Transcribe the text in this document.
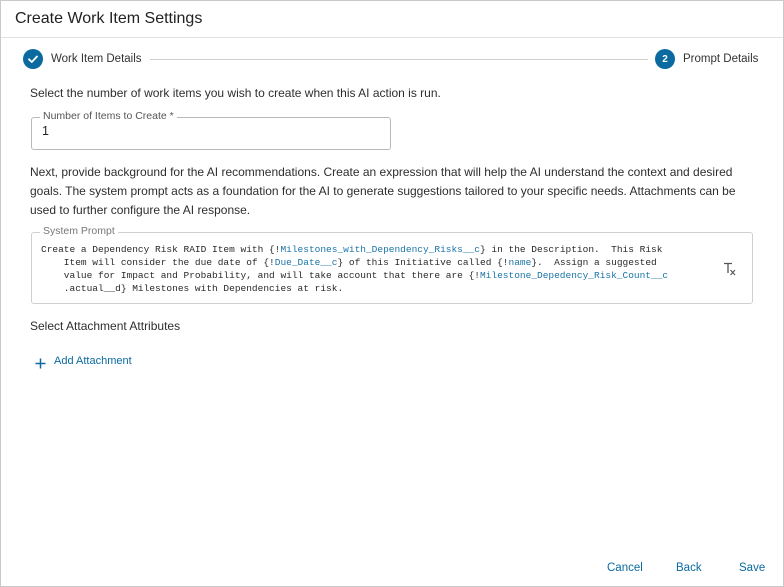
Create Work Item Settings
Work Item Details	2	Prompt Details
Select the number of work items you wish to create when this AI action is run.
Number of Items to Create *
1
Next, provide background for the AI recommendations. Create an expression that will help the AI understand the context and desired goals. The system prompt acts as a foundation for the AI to generate suggestions tailored to your specific needs. Attachments can be used to further configure the AI response.
System Prompt
Create a Dependency Risk RAID Item with {!Milestones_with_Dependency_Risks__c} in the Description.  This Risk
Item will consider the due date of {!Due_Date__c} of this Initiative called {!name}.  Assign a suggested
value for Impact and Probability, and will take account that there are {!Milestone_Depedency_Risk_Count__c
.actual__d} Milestones with Dependencies at risk.
Select Attachment Attributes
Add Attachment
Cancel	Back	Save
